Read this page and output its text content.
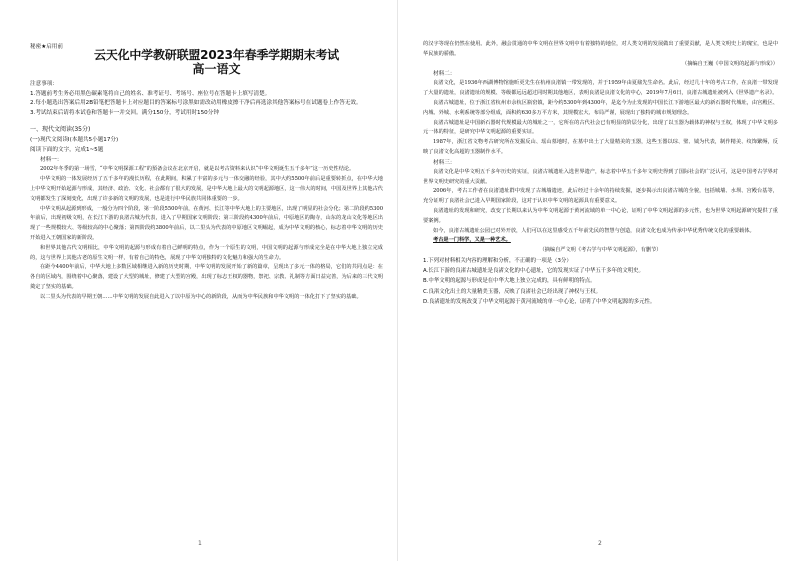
秘密★启用前
云天化中学教研联盟2023年春季学期期末考试
高一语文
注意事项：

1.答题前考生务必用黑色碳素笔将自己的姓名、准考证号、考场号、座位号在答题卡上填写清楚。

2.每小题选出答案后用2B铅笔把答题卡上对应题目的答案标号涂黑如需改动用橡皮擦干净后再选涂其他答案标号在试题卷上作答无效。

3.考试结束后请将本试卷和答题卡一并交回。满分150分，考试用时150分钟

一、现代文阅读(35分)
(一)现代文阅读I(本题共5小题17分)
阅读下面的文字，完成1~5题
材料一：

2002年冬季的第一场雪，“中华文明探源工程”的預备会议在北京开启，就是以考古资料来认识“中华文明诞生五千多年”这一历史性结论。

中华文明的一体发展经历了五千多年的漫长历程，在此期间，积累了丰富的多元与一体交融的经验，其中大约5500年前后是重要转折点，在中华大地上中华文明开始起源与形成，其经济、政治、文化、社会都有了很大的发展，是中华大地上最大的文明起源地区，这一伟大的时间，中国及世界上其他古代文明都发生了深刻变化，出现了许多新的文明的发展，也是进行中华民族共同体重要的一步。

中华文明从起源到形成，一般分为四个阶段，第一阶段5500年前，在黄河、长江等中华大地上的主要地区，出现了明显的社会分化；第二阶段约5300年前后，出现初级文明，在长江下游的良渚古城为代表，进入了早期国家文明阶段；第三阶段约4300年前后，中原地区的陶寺，山东的龙山文化等地区出现了一些规模较大、等级较高的中心聚落；第四阶段约3800年前后，以二里头为代表的中原地区文明崛起，成为中华文明的核心，标志着中华文明的历史开始进入王朝国家的新阶段。

和世界其他古代文明相比，中华文明的起源与形成有着自己鲜明的特点，作为一个原生的文明，中国文明的起源与形成完全是在中华大地上独立完成的，这与世界上其他古老的原生文明一样，有着自己的特色，展现了中华文明独特的文化魅力和强大的生命力。

在距今4400年前后，中华大地上多数区域相继进入新的历史时期，中华文明的发展开始了新的篇章，呈现出了多元一体的格局，它们的共同点是：在各自的区域内，围绕着中心聚落，建设了大型的城址，修建了大型的宫殿，出现了标志王权的器物，祭祀、宗教、礼制等方面日益完善，为后来的三代文明奠定了坚实的基础。

以二里头为代表的早期王朝……中华文明的发展自此进入了以中原为中心的新阶段，从而为中华民族和中华文明的一体化打下了坚实的基础。

1

的汉字等现在仍然在使用。此外，融会贯通的中华文明在世界文明中有着独特的地位，对人类文明的发展做出了重要贡献，是人类文明史上的瑰宝，也是中华民族的骄傲。

（摘编自王巍《中国文明的起源与形成》）

材料二：

良渚文化，是1936年西湖博物馆施昕更先生在杭州良渚镇一带发现的，并于1959年由夏鼐先生命名。此后，经过几十年的考古工作，在良渚一带发现了大量的遗址，良渚遗址的规模、等级都远远超过同时期其他地区，表明良渚是良渚文化的中心，2019年7月6日，良渚古城遗址被列入《世界遗产名录》。

良渚古城遗址，位于浙江省杭州市余杭区瓶窑镇，距今约5300年到4300年，是迄今为止发现的中国长江下游地区最大的新石器时代城址，由宫殿区、内城、外城、水利系统等部分组成，面积约630多万平方米，其规模宏大、布局严谨，展现出了独特的城市规划理念。

良渚古城遗址是中国新石器时代规模最大的城址之一，它所在的古代社会已有明显的阶层分化，出现了以玉器为载体的神权与王权，体现了中华文明多元一体的特征，是研究中华文明起源的重要实证。

1987年，浙江省文物考古研究所在发掘反山、瑶山墓地时，在墓中出土了大量精美的玉器，这些玉器以琮、璧、钺为代表，制作精美、纹饰繁缛，反映了良渚文化高超的玉器制作水平。

材料三：

良渚文化是中华文明五千多年历史的实证，良渚古城遗址入选世界遗产，标志着中华五千多年文明史得到了国际社会的广泛认可，这是中国考古学界对世界文明史研究的重大贡献。

2006年，考古工作者在良渚遗址群中发现了古城墙遗迹，此后经过十余年的持续发掘，逐步揭示出良渚古城的全貌，包括城墙、水坝、宫殿台基等，充分证明了良渚社会已进入早期国家阶段，这对于认识中华文明的起源具有重要意义。

良渚遗址的发现和研究，改变了长期以来认为中华文明起源于黄河流域的单一中心论，证明了中华文明起源的多元性，也为世界文明起源研究提供了重要案例。

如今，良渚古城遗址公园已对外开放，人们可以在这里感受五千年前先民的智慧与创造，良渚文化也成为传承中华优秀传统文化的重要载体。

考古是一门科学，又是一种艺术。

（摘编自严文明《考古学与中华文明起源》，有删节）

1.下列对材料相关内容的理解和分析，不正确的一项是（3分）

A.长江下游的良渚古城遗址是良渚文化的中心遗址，它的发现实证了中华五千多年的文明史。

B.中华文明的起源与形成是在中华大地上独立完成的，具有鲜明的特点。

C.良渚文化出土的大量精美玉器，反映了良渚社会已经出现了神权与王权。

D.良渚遗址的发现改变了中华文明起源于黄河流域的单一中心论，证明了中华文明起源的多元性。

2
